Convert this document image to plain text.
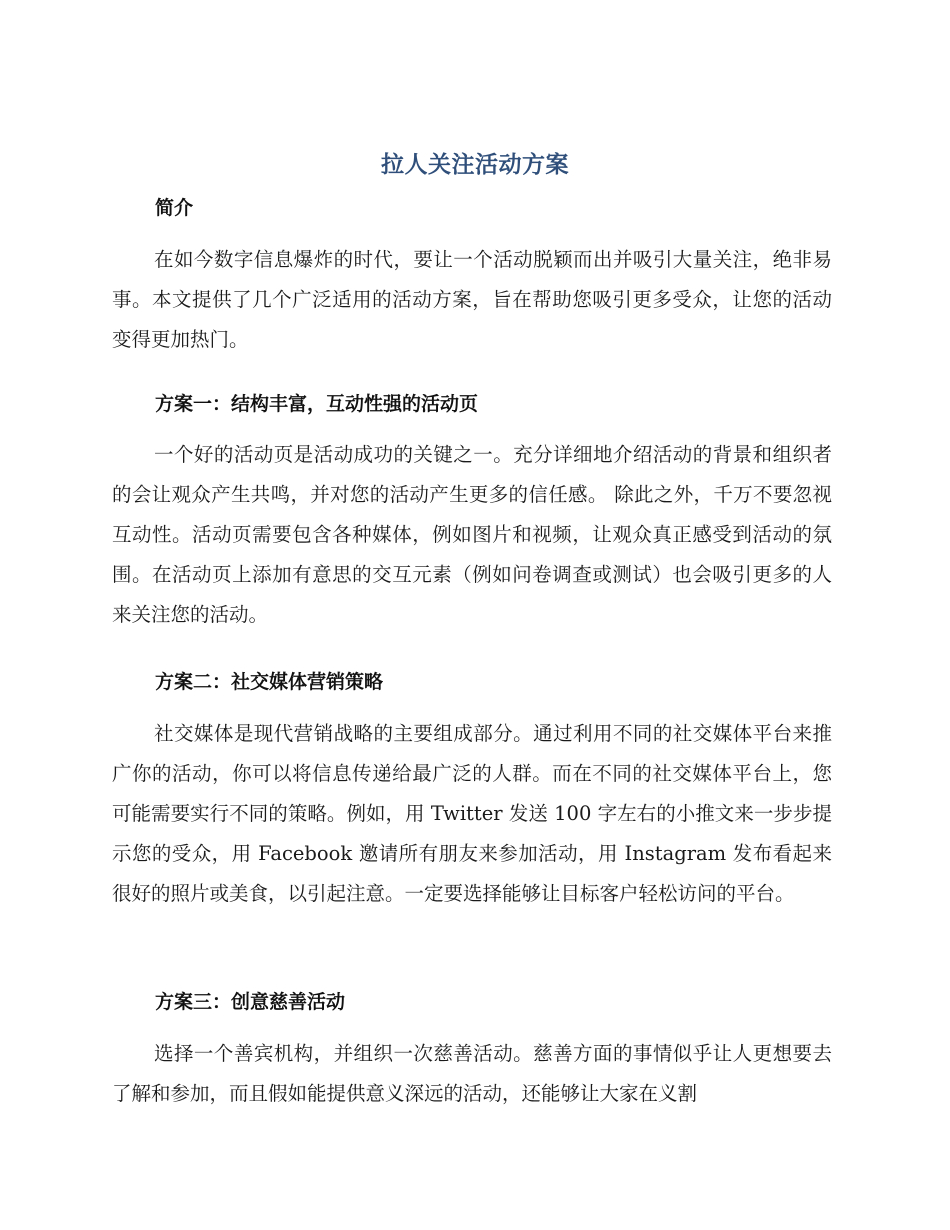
拉人关注活动方案
简介

在如今数字信息爆炸的时代，要让一个活动脱颖而出并吸引大量关注，绝非易事。本文提供了几个广泛适用的活动方案，旨在帮助您吸引更多受众，让您的活动变得更加热门。

方案一：结构丰富，互动性强的活动页

一个好的活动页是活动成功的关键之一。充分详细地介绍活动的背景和组织者的会让观众产生共鸣，并对您的活动产生更多的信任感。 除此之外，千万不要忽视互动性。活动页需要包含各种媒体，例如图片和视频，让观众真正感受到活动的氛围。在活动页上添加有意思的交互元素（例如问卷调查或测试）也会吸引更多的人来关注您的活动。

方案二：社交媒体营销策略

社交媒体是现代营销战略的主要组成部分。通过利用不同的社交媒体平台来推广你的活动，你可以将信息传递给最广泛的人群。而在不同的社交媒体平台上，您可能需要实行不同的策略。例如，用 Twitter 发送 100 字左右的小推文来一步步提示您的受众，用 Facebook 邀请所有朋友来参加活动，用 Instagram 发布看起来很好的照片或美食，以引起注意。一定要选择能够让目标客户轻松访问的平台。

方案三：创意慈善活动

选择一个善宾机构，并组织一次慈善活动。慈善方面的事情似乎让人更想要去了解和参加，而且假如能提供意义深远的活动，还能够让大家在义割
